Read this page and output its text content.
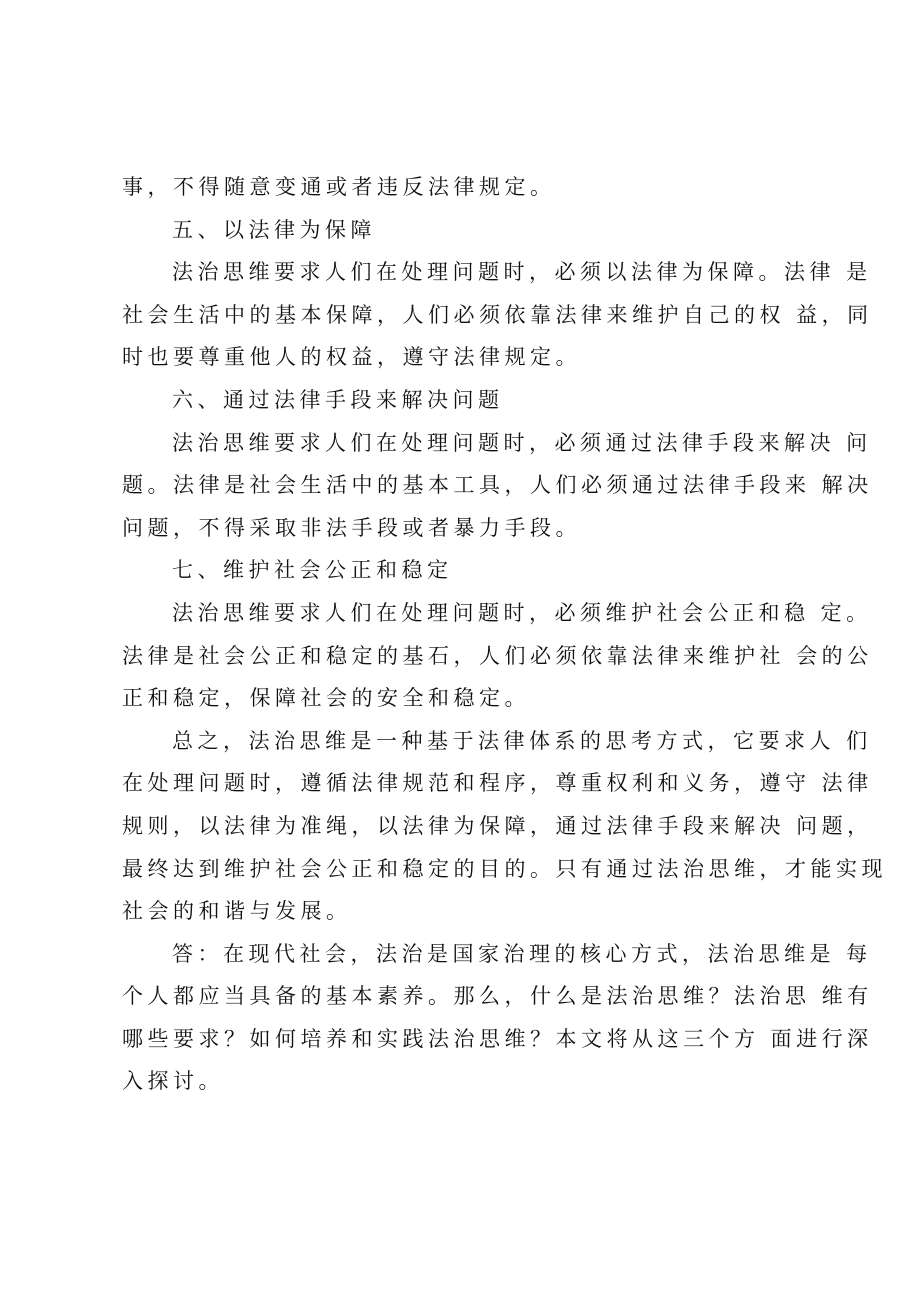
事，不得随意变通或者违反法律规定。
五、以法律为保障
法治思维要求人们在处理问题时，必须以法律为保障。法律 是
社会生活中的基本保障，人们必须依靠法律来维护自己的权 益，同
时也要尊重他人的权益，遵守法律规定。
六、通过法律手段来解决问题
法治思维要求人们在处理问题时，必须通过法律手段来解决 问
题。法律是社会生活中的基本工具，人们必须通过法律手段来 解决
问题，不得采取非法手段或者暴力手段。
七、维护社会公正和稳定
法治思维要求人们在处理问题时，必须维护社会公正和稳 定。
法律是社会公正和稳定的基石，人们必须依靠法律来维护社 会的公
正和稳定，保障社会的安全和稳定。
总之，法治思维是一种基于法律体系的思考方式，它要求人 们
在处理问题时，遵循法律规范和程序，尊重权利和义务，遵守 法律
规则，以法律为准绳，以法律为保障，通过法律手段来解决 问题，
最终达到维护社会公正和稳定的目的。只有通过法治思维，才能实现
社会的和谐与发展。
答：在现代社会，法治是国家治理的核心方式，法治思维是 每
个人都应当具备的基本素养。那么，什么是法治思维？法治思 维有
哪些要求？如何培养和实践法治思维？本文将从这三个方 面进行深
入探讨。
